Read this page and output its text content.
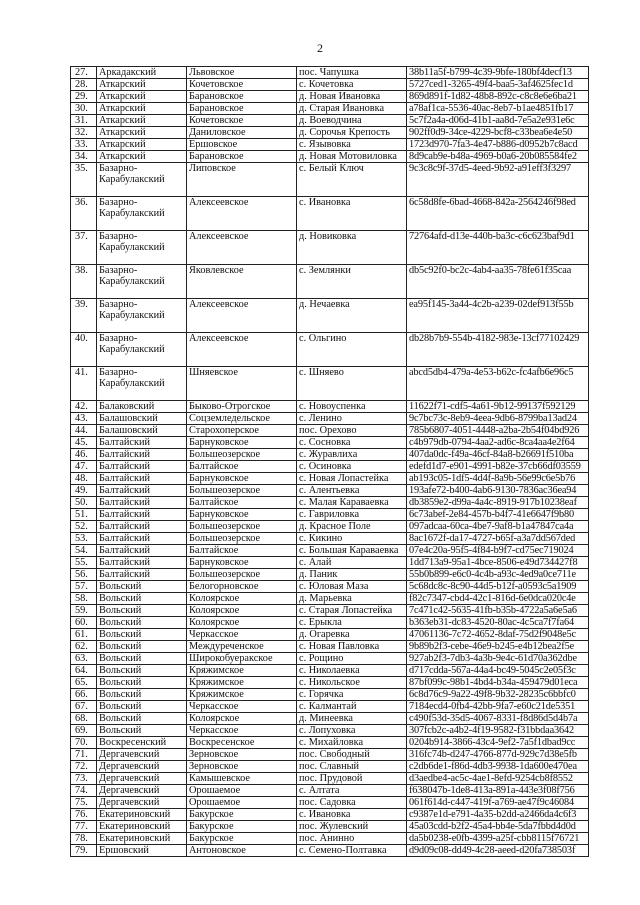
2
27.	Аркадакский	Львовское	пос. Чапушка	38b11a5f-b799-4c39-9bfe-180bf4decf13
28.	Аткарский	Кочетовское	с. Кочетовка	5727ced1-3265-49f4-baa5-3af4625fec1d
29.	Аткарский	Барановское	д. Новая Ивановка	869d891f-1d82-48b8-892c-c8c8e6e6ba21
30.	Аткарский	Барановское	д. Старая Ивановка	a78af1ca-5536-40ac-8eb7-b1ae4851fb17
31.	Аткарский	Кочетовское	д. Воеводчина	5c7f2a4a-d06d-41b1-aa8d-7e5a2e931e6c
32.	Аткарский	Даниловское	д. Сорочья Крепость	902ff0d9-34ce-4229-bcf8-c33bea6e4e50
33.	Аткарский	Ершовское	с. Язывовка	1723d970-7fa3-4e47-b886-d0952b7c8acd
34.	Аткарский	Барановское	д. Новая Мотовиловка	8d9cab9e-b48a-4969-b0a6-20b085584fe2
35.	Базарно-Карабулакский	Липовское	с. Белый Ключ	9c3c8c9f-37d5-4eed-9b92-a91eff3f3297
36.	Базарно-Карабулакский	Алексеевское	с. Ивановка	6c58d8fe-6bad-4668-842a-2564246f98ed
37.	Базарно-Карабулакский	Алексеевское	д. Новиковка	72764afd-d13e-440b-ba3c-c6c623baf9d1
38.	Базарно-Карабулакский	Яковлевское	с. Землянки	db5c92f0-bc2c-4ab4-aa35-78fe61f35caa
39.	Базарно-Карабулакский	Алексеевское	д. Нечаевка	ea95f145-3a44-4c2b-a239-02def913f55b
40.	Базарно-Карабулакский	Алексеевское	с. Ольгино	db28b7b9-554b-4182-983e-13cf77102429
41.	Базарно-Карабулакский	Шняевское	с. Шняево	abcd5db4-479a-4e53-b62c-fc4afb6e96c5
42.	Балаковский	Быково-Отрогское	с. Новоуспенка	11622f71-cdf5-4a61-9b12-99137f592129
43.	Балашовский	Соцземледельское	с. Ленино	9c7bc73c-8eb9-4eea-9db6-8799ba13ad24
44.	Балашовский	Старохоперское	пос. Орехово	785b6807-4051-4448-a2ba-2b54f04bd926
45.	Балтайский	Барнуковское	с. Сосновка	c4b979db-0794-4aa2-ad6c-8ca4aa4e2f64
46.	Балтайский	Большеозерское	с. Журавлиха	407da0dc-f49a-46cf-84a8-b26691f510ba
47.	Балтайский	Балтайское	с. Осиновка	edefd1d7-e901-4991-b82e-37cb66df03559
48.	Балтайский	Барнуковское	с. Новая Лопастейка	ab193c05-1df5-4d4f-8a9b-56e99c6e5b76
49.	Балтайский	Большеозерское	с. Алентьевка	193afe72-b400-4ab6-9130-7836ac36ea94
50.	Балтайский	Балтайское	с. Малая Караваевка	db3859e2-d99a-4a4c-8919-917b10238eaf
51.	Балтайский	Барнуковское	с. Гавриловка	6c73abef-2e84-457b-b4f7-41e6647f9b80
52.	Балтайский	Большеозерское	д. Красное Поле	097adcaa-60ca-4be7-9af8-b1a47847ca4a
53.	Балтайский	Большеозерское	с. Кикино	8ac1672f-da17-4727-b65f-a3a7dd567ded
54.	Балтайский	Балтайское	с. Большая Караваевка	07e4c20a-95f5-4f84-b9f7-cd75ec719024
55.	Балтайский	Барнуковское	с. Алай	1dd713a9-95a1-4bce-8506-e49d734427f8
56.	Балтайский	Большеозерское	д. Паник	55b0b899-e6c0-4c4b-a93c-4ed9a0ce711e
57.	Вольский	Белогорновское	с. Юловая Маза	5c68dc8c-8c90-44d5-b12f-a0593c5a1909
58.	Вольский	Колоярское	д. Марьевка	f82c7347-cbd4-42c1-816d-6e0dca020c4e
59.	Вольский	Колоярское	с. Старая Лопастейка	7c471c42-5635-41fb-b35b-4722a5a6e5a6
60.	Вольский	Колоярское	с. Ерыкла	b363eb31-dc83-4520-80ac-4c5ca7f7fa64
61.	Вольский	Черкасское	д. Огаревка	47061136-7c72-4652-8daf-75d2f9048e5c
62.	Вольский	Междуреченское	с. Новая Павловка	9b89b2f3-cebe-46e9-b245-e4b12bea2f5e
63.	Вольский	Широкобуеракское	с. Рощино	927ab2f3-7db3-4a3b-9e4c-61d70a362dbe
64.	Вольский	Кряжимское	с. Николаевка	d717cdda-567a-44a4-bc49-5045c2e05f3c
65.	Вольский	Кряжимское	с. Никольское	87bf099c-98b1-4bd4-b34a-459479d01eca
66.	Вольский	Кряжимское	с. Горячка	6c8d76c9-9a22-49f8-9b32-28235c6bbfc0
67.	Вольский	Черкасское	с. Калмантай	7184ecd4-0fb4-42bb-9fa7-e60c21de5351
68.	Вольский	Колоярское	д. Минеевка	c490f53d-35d5-4067-8331-f8d86d5d4b7a
69.	Вольский	Черкасское	с. Лопуховка	307fcb2c-a4b2-4f19-9582-f31bbdaa3642
70.	Воскресенский	Воскресенское	с. Михайловка	0204b914-3866-43c4-9ef2-7a5f1dbad9cc
71.	Дергачевский	Зерновское	пос. Свободный	316fc74b-d247-4766-877d-929c7d38e5fb
72.	Дергачевский	Зерновское	пос. Славный	c2db6de1-f86d-4db3-9938-1da600e470ea
73.	Дергачевский	Камышевское	пос. Прудовой	d3aedbe4-ac5c-4ae1-8efd-9254cb8f8552
74.	Дергачевский	Орошаемое	с. Алтата	f638047b-1de8-413a-891a-443e3f08f756
75.	Дергачевский	Орошаемое	пос. Садовка	061f614d-c447-419f-a769-ae47f9c46084
76.	Екатериновский	Бакурское	с. Ивановка	c9387e1d-e791-4a35-b2dd-a2466da4c6f3
77.	Екатериновский	Бакурское	пос. Жулевский	45a03cdd-b2f2-45a4-bb4e-5da7fbbd4d0d
78.	Екатериновский	Бакурское	пос. Анинно	da5b0238-e0fb-4399-a25f-cbb8115f76721
79.	Ершовский	Антоновское	с. Семено-Полтавка	d9d09c08-dd49-4c28-aeed-d20fa738503f
